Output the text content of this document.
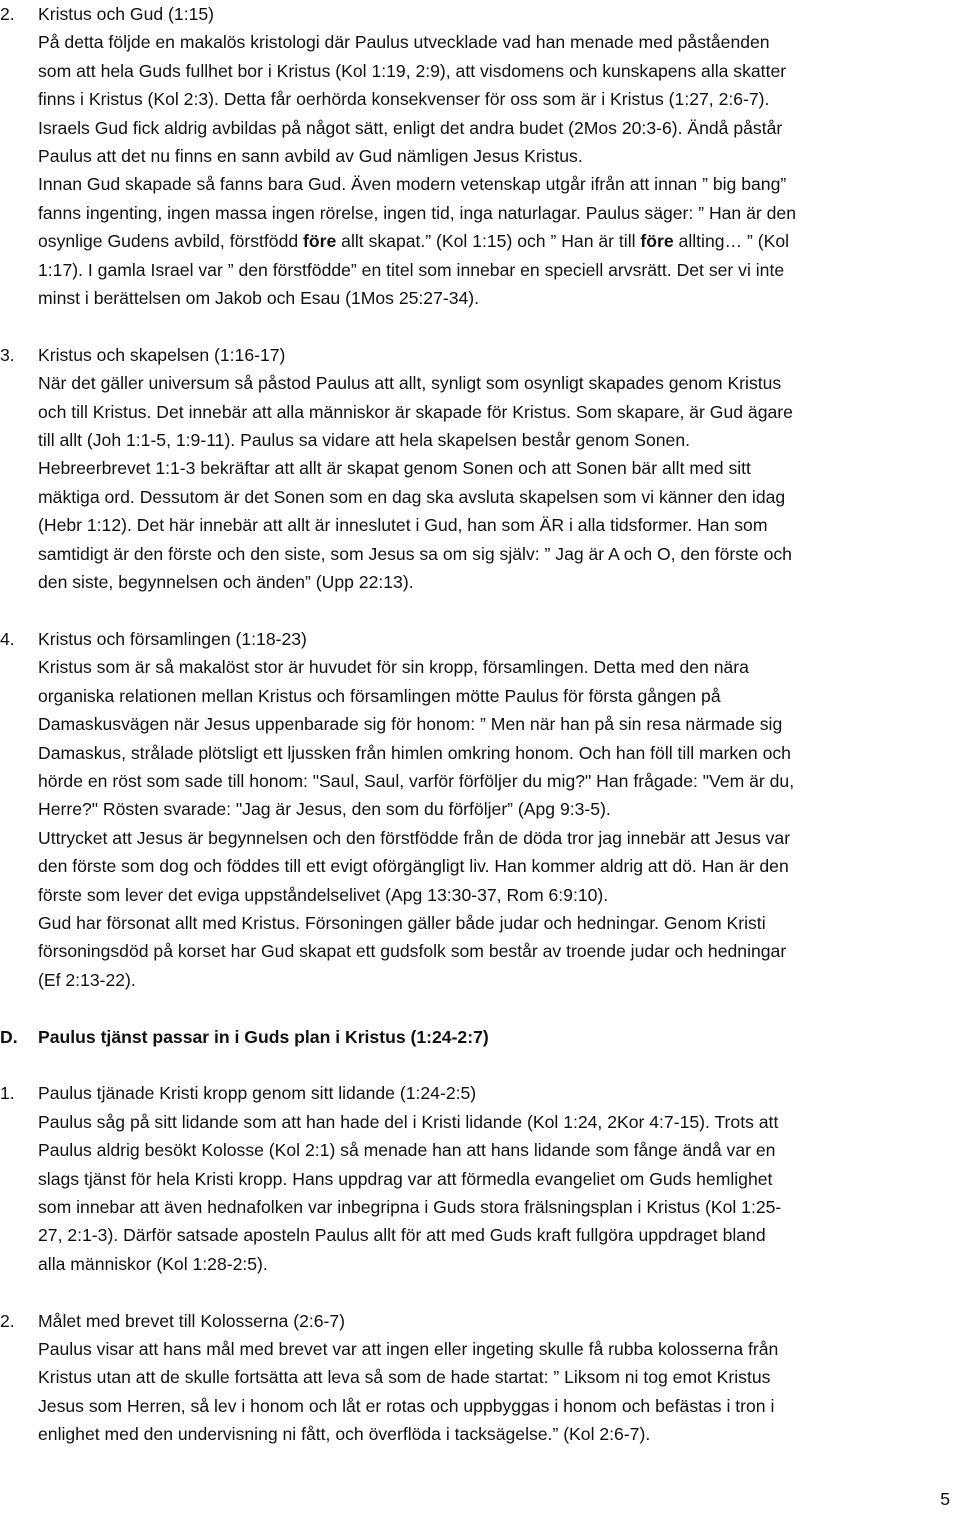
2.	Kristus och Gud (1:15)

På detta följde en makalös kristologi där Paulus utvecklade vad han menade med påståenden

som att hela Guds fullhet bor i Kristus (Kol 1:19, 2:9), att visdomens och kunskapens alla skatter

finns i Kristus (Kol 2:3). Detta får oerhörda konsekvenser för oss som är i Kristus (1:27, 2:6-7).

Israels Gud fick aldrig avbildas på något sätt, enligt det andra budet (2Mos 20:3-6). Ändå påstår

Paulus att det nu finns en sann avbild av Gud nämligen Jesus Kristus.

Innan Gud skapade så fanns bara Gud. Även modern vetenskap utgår ifrån att innan ” big bang”

fanns ingenting, ingen massa ingen rörelse, ingen tid, inga naturlagar. Paulus säger: ” Han är den

osynlige Gudens avbild, förstfödd före allt skapat.” (Kol 1:15) och ” Han är till före allting… ” (Kol

1:17). I gamla Israel var ” den förstfödde” en titel som innebar en speciell arvsrätt. Det ser vi inte

minst i berättelsen om Jakob och Esau (1Mos 25:27-34).

3.	Kristus och skapelsen (1:16-17)

När det gäller universum så påstod Paulus att allt, synligt som osynligt skapades genom Kristus

och till Kristus. Det innebär att alla människor är skapade för Kristus. Som skapare, är Gud ägare

till allt (Joh 1:1-5, 1:9-11). Paulus sa vidare att hela skapelsen består genom Sonen.

Hebreerbrevet 1:1-3 bekräftar att allt är skapat genom Sonen och att Sonen bär allt med sitt

mäktiga ord. Dessutom är det Sonen som en dag ska avsluta skapelsen som vi känner den idag

(Hebr 1:12). Det här innebär att allt är inneslutet i Gud, han som ÄR i alla tidsformer. Han som

samtidigt är den förste och den siste, som Jesus sa om sig själv: ” Jag är A och O, den förste och

den siste, begynnelsen och änden” (Upp 22:13).

4.	Kristus och församlingen (1:18-23)

Kristus som är så makalöst stor är huvudet för sin kropp, församlingen. Detta med den nära

organiska relationen mellan Kristus och församlingen mötte Paulus för första gången på

Damaskusvägen när Jesus uppenbarade sig för honom: ” Men när han på sin resa närmade sig

Damaskus, strålade plötsligt ett ljussken från himlen omkring honom. Och han föll till marken och

hörde en röst som sade till honom: "Saul, Saul, varför förföljer du mig?" Han frågade: "Vem är du,

Herre?" Rösten svarade: "Jag är Jesus, den som du förföljer” (Apg 9:3-5).

Uttrycket att Jesus är begynnelsen och den förstfödde från de döda tror jag innebär att Jesus var

den förste som dog och föddes till ett evigt oförgängligt liv. Han kommer aldrig att dö. Han är den

förste som lever det eviga uppståndelselivet (Apg 13:30-37, Rom 6:9:10).

Gud har försonat allt med Kristus. Försoningen gäller både judar och hedningar. Genom Kristi

försoningsdöd på korset har Gud skapat ett gudsfolk som består av troende judar och hedningar

(Ef 2:13-22).

D.	Paulus tjänst passar in i Guds plan i Kristus (1:24-2:7)

1.	Paulus tjänade Kristi kropp genom sitt lidande (1:24-2:5)

Paulus såg på sitt lidande som att han hade del i Kristi lidande (Kol 1:24, 2Kor 4:7-15). Trots att

Paulus aldrig besökt Kolosse (Kol 2:1) så menade han att hans lidande som fånge ändå var en

slags tjänst för hela Kristi kropp. Hans uppdrag var att förmedla evangeliet om Guds hemlighet

som innebar att även hednafolken var inbegripna i Guds stora frälsningsplan i Kristus (Kol 1:25-

27, 2:1-3). Därför satsade aposteln Paulus allt för att med Guds kraft fullgöra uppdraget bland

alla människor (Kol 1:28-2:5).

2.	Målet med brevet till Kolosserna (2:6-7)

Paulus visar att hans mål med brevet var att ingen eller ingeting skulle få rubba kolosserna från

Kristus utan att de skulle fortsätta att leva så som de hade startat: ” Liksom ni tog emot Kristus

Jesus som Herren, så lev i honom och låt er rotas och uppbyggas i honom och befästas i tron i

enlighet med den undervisning ni fått, och överflöda i tacksägelse.” (Kol 2:6-7).

5
